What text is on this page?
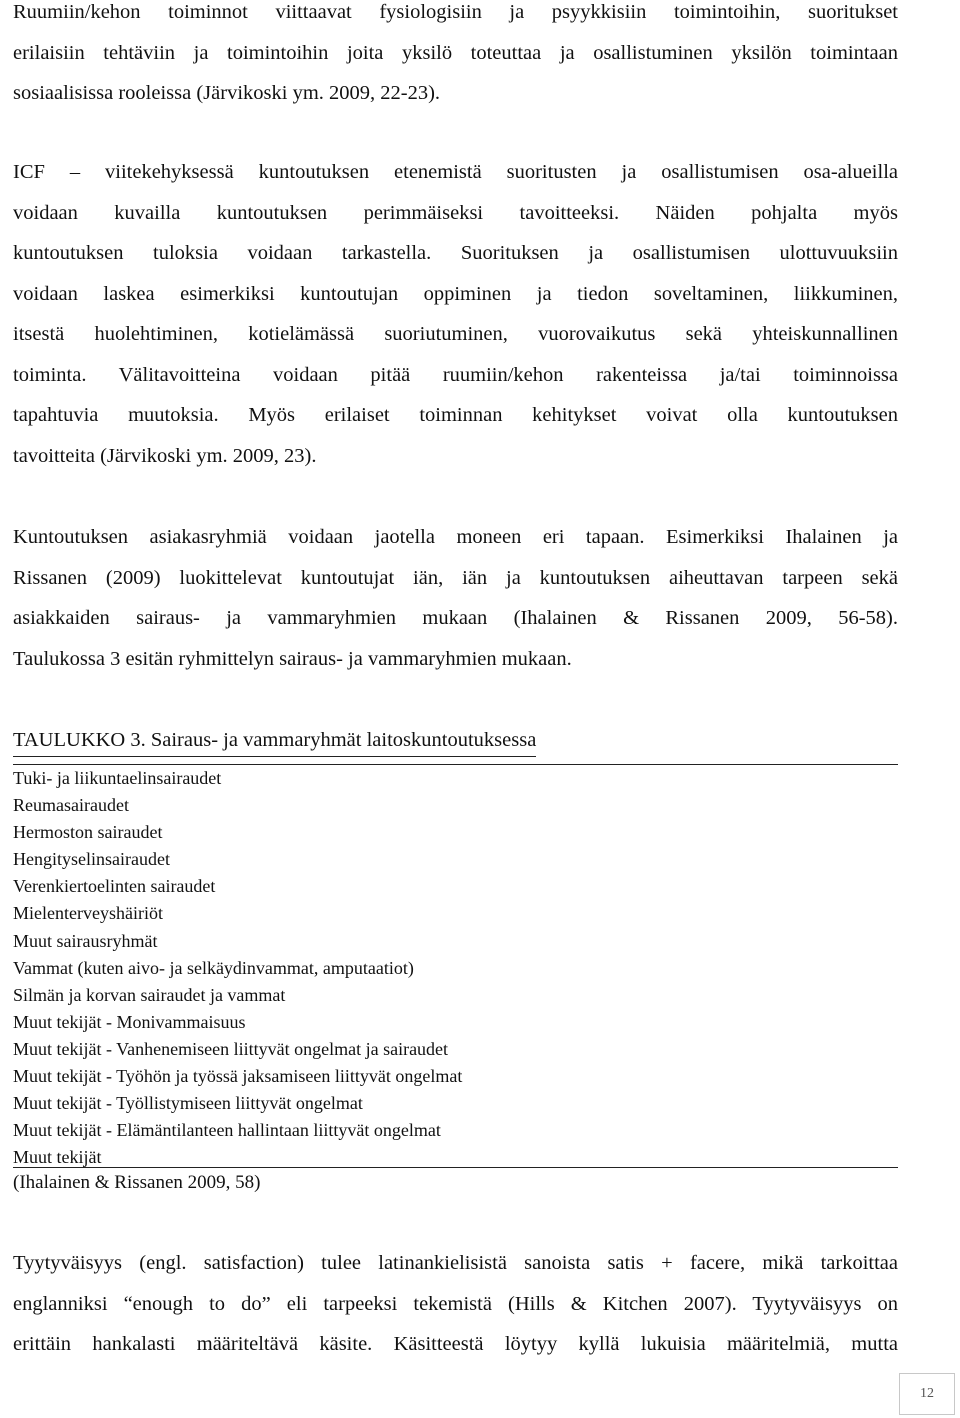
Ruumiin/kehon toiminnot viittaavat fysiologisiin ja psyykkisiin toimintoihin, suoritukset
erilaisiin tehtäviin ja toimintoihin joita yksilö toteuttaa ja osallistuminen yksilön toimintaan
sosiaalisissa rooleissa (Järvikoski ym. 2009, 22-23).
ICF – viitekehyksessä kuntoutuksen etenemistä suoritusten ja osallistumisen osa-alueilla
voidaan kuvailla kuntoutuksen perimmäiseksi tavoitteeksi. Näiden pohjalta myös
kuntoutuksen tuloksia voidaan tarkastella. Suorituksen ja osallistumisen ulottuvuuksiin
voidaan laskea esimerkiksi kuntoutujan oppiminen ja tiedon soveltaminen, liikkuminen,
itsestä huolehtiminen, kotielämässä suoriutuminen, vuorovaikutus sekä yhteiskunnallinen
toiminta. Välitavoitteina voidaan pitää ruumiin/kehon rakenteissa ja/tai toiminnoissa
tapahtuvia muutoksia. Myös erilaiset toiminnan kehitykset voivat olla kuntoutuksen
tavoitteita (Järvikoski ym. 2009, 23).
Kuntoutuksen asiakasryhmiä voidaan jaotella moneen eri tapaan. Esimerkiksi Ihalainen ja
Rissanen (2009) luokittelevat kuntoutujat iän, iän ja kuntoutuksen aiheuttavan tarpeen sekä
asiakkaiden sairaus- ja vammaryhmien mukaan (Ihalainen & Rissanen 2009, 56-58).
Taulukossa 3 esitän ryhmittelyn sairaus- ja vammaryhmien mukaan.
TAULUKKO 3. Sairaus- ja vammaryhmät laitoskuntoutuksessa
Tuki- ja liikuntaelinsairaudet
Reumasairaudet
Hermoston sairaudet
Hengityselinsairaudet
Verenkiertoelinten sairaudet
Mielenterveyshäiriöt
Muut sairausryhmät
Vammat (kuten aivo- ja selkäydinvammat, amputaatiot)
Silmän ja korvan sairaudet ja vammat
Muut tekijät - Monivammaisuus
Muut tekijät - Vanhenemiseen liittyvät ongelmat ja sairaudet
Muut tekijät - Työhön ja työssä jaksamiseen liittyvät ongelmat
Muut tekijät - Työllistymiseen liittyvät ongelmat
Muut tekijät - Elämäntilanteen hallintaan liittyvät ongelmat
Muut tekijät
(Ihalainen & Rissanen 2009, 58)
Tyytyväisyys (engl. satisfaction) tulee latinankielisistä sanoista satis + facere, mikä tarkoittaa
englanniksi “enough to do” eli tarpeeksi tekemistä (Hills & Kitchen 2007). Tyytyväisyys on
erittäin hankalasti määriteltävä käsite. Käsitteestä löytyy kyllä lukuisia määritelmiä, mutta
12
